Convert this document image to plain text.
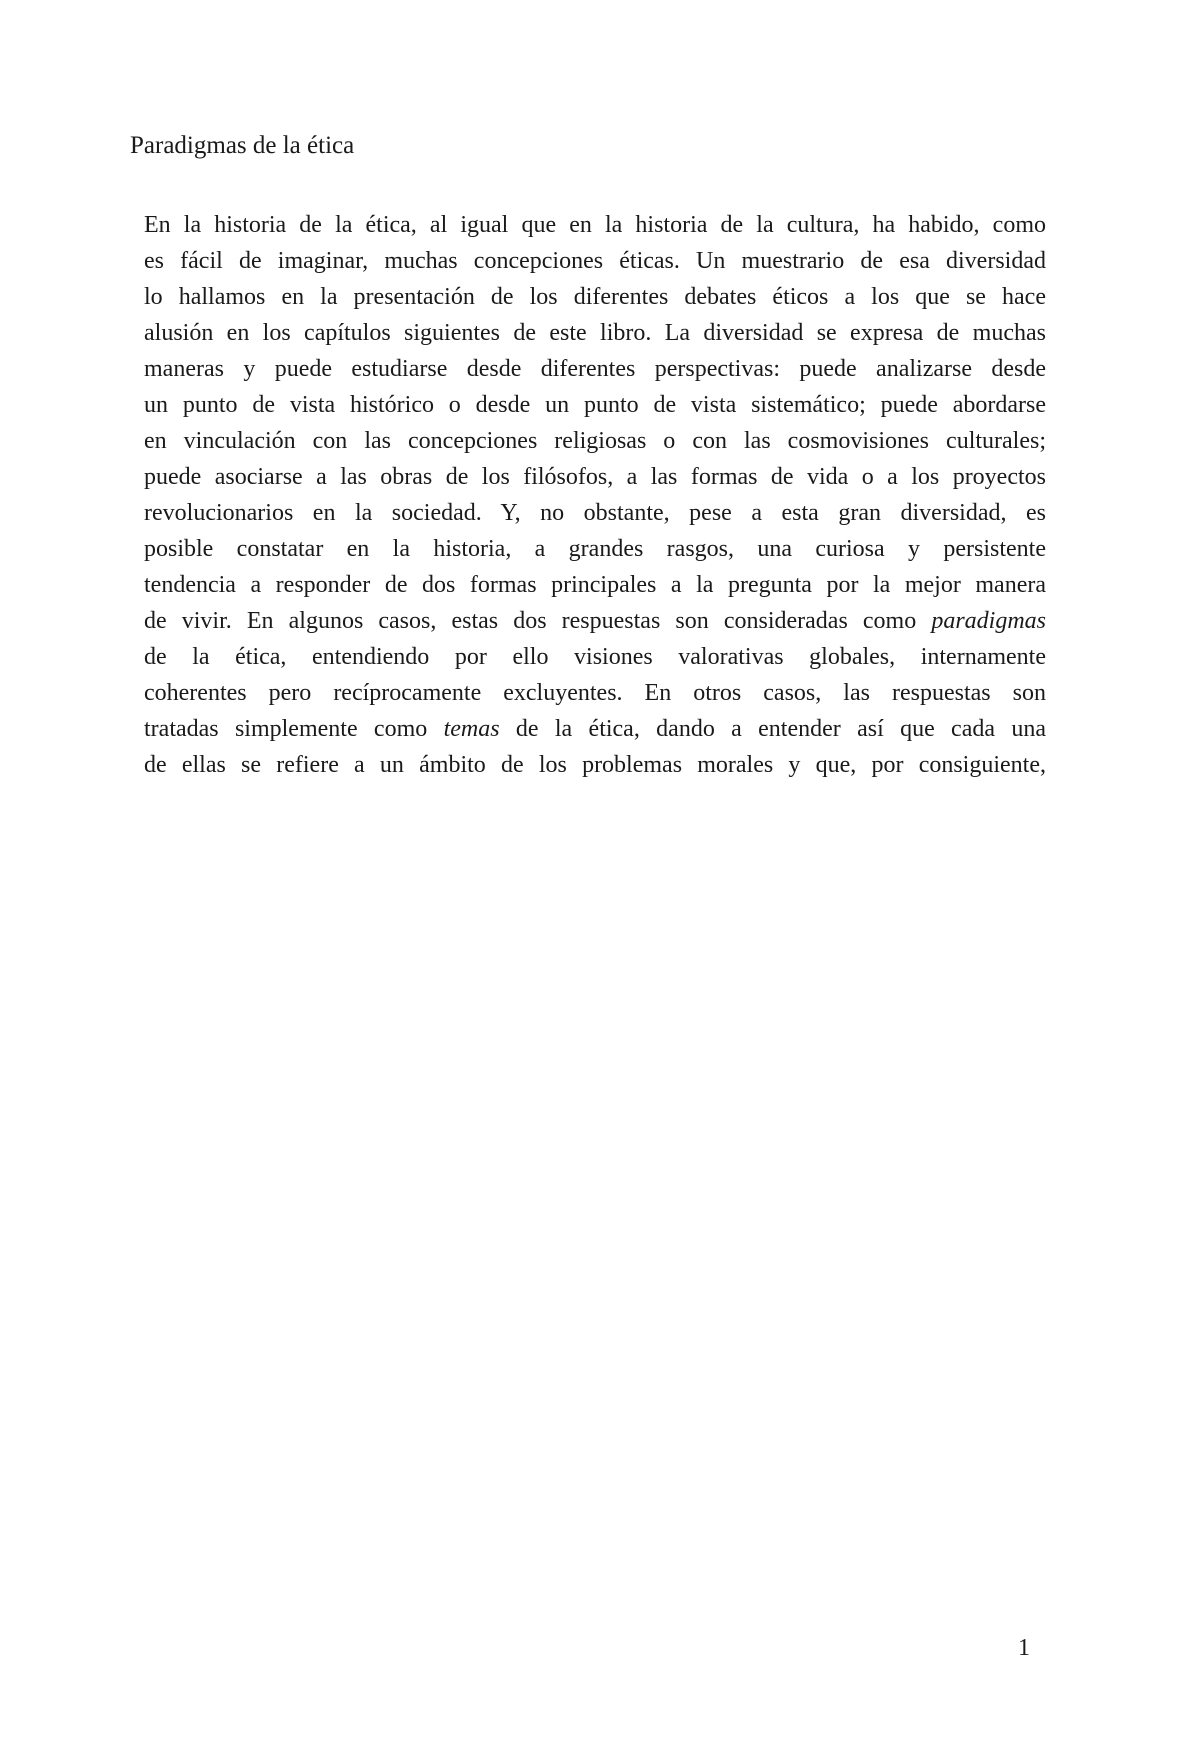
Paradigmas de la ética
En la historia de la ética, al igual que en la historia de la cultura, ha habido, como
es fácil de imaginar, muchas concepciones éticas. Un muestrario de esa diversidad
lo hallamos en la presentación de los diferentes debates éticos a los que se hace
alusión en los capítulos siguientes de este libro. La diversidad se expresa de muchas
maneras y puede estudiarse desde diferentes perspectivas: puede analizarse desde
un punto de vista histórico o desde un punto de vista sistemático; puede abordarse
en vinculación con las concepciones religiosas o con las cosmovisiones culturales;
puede asociarse a las obras de los filósofos, a las formas de vida o a los proyectos
revolucionarios en la sociedad. Y, no obstante, pese a esta gran diversidad, es
posible constatar en la historia, a grandes rasgos, una curiosa y persistente
tendencia a responder de dos formas principales a la pregunta por la mejor manera
de vivir. En algunos casos, estas dos respuestas son consideradas como paradigmas
de la ética, entendiendo por ello visiones valorativas globales, internamente
coherentes pero recíprocamente excluyentes. En otros casos, las respuestas son
tratadas simplemente como temas de la ética, dando a entender así que cada una
de ellas se refiere a un ámbito de los problemas morales y que, por consiguiente,
1
